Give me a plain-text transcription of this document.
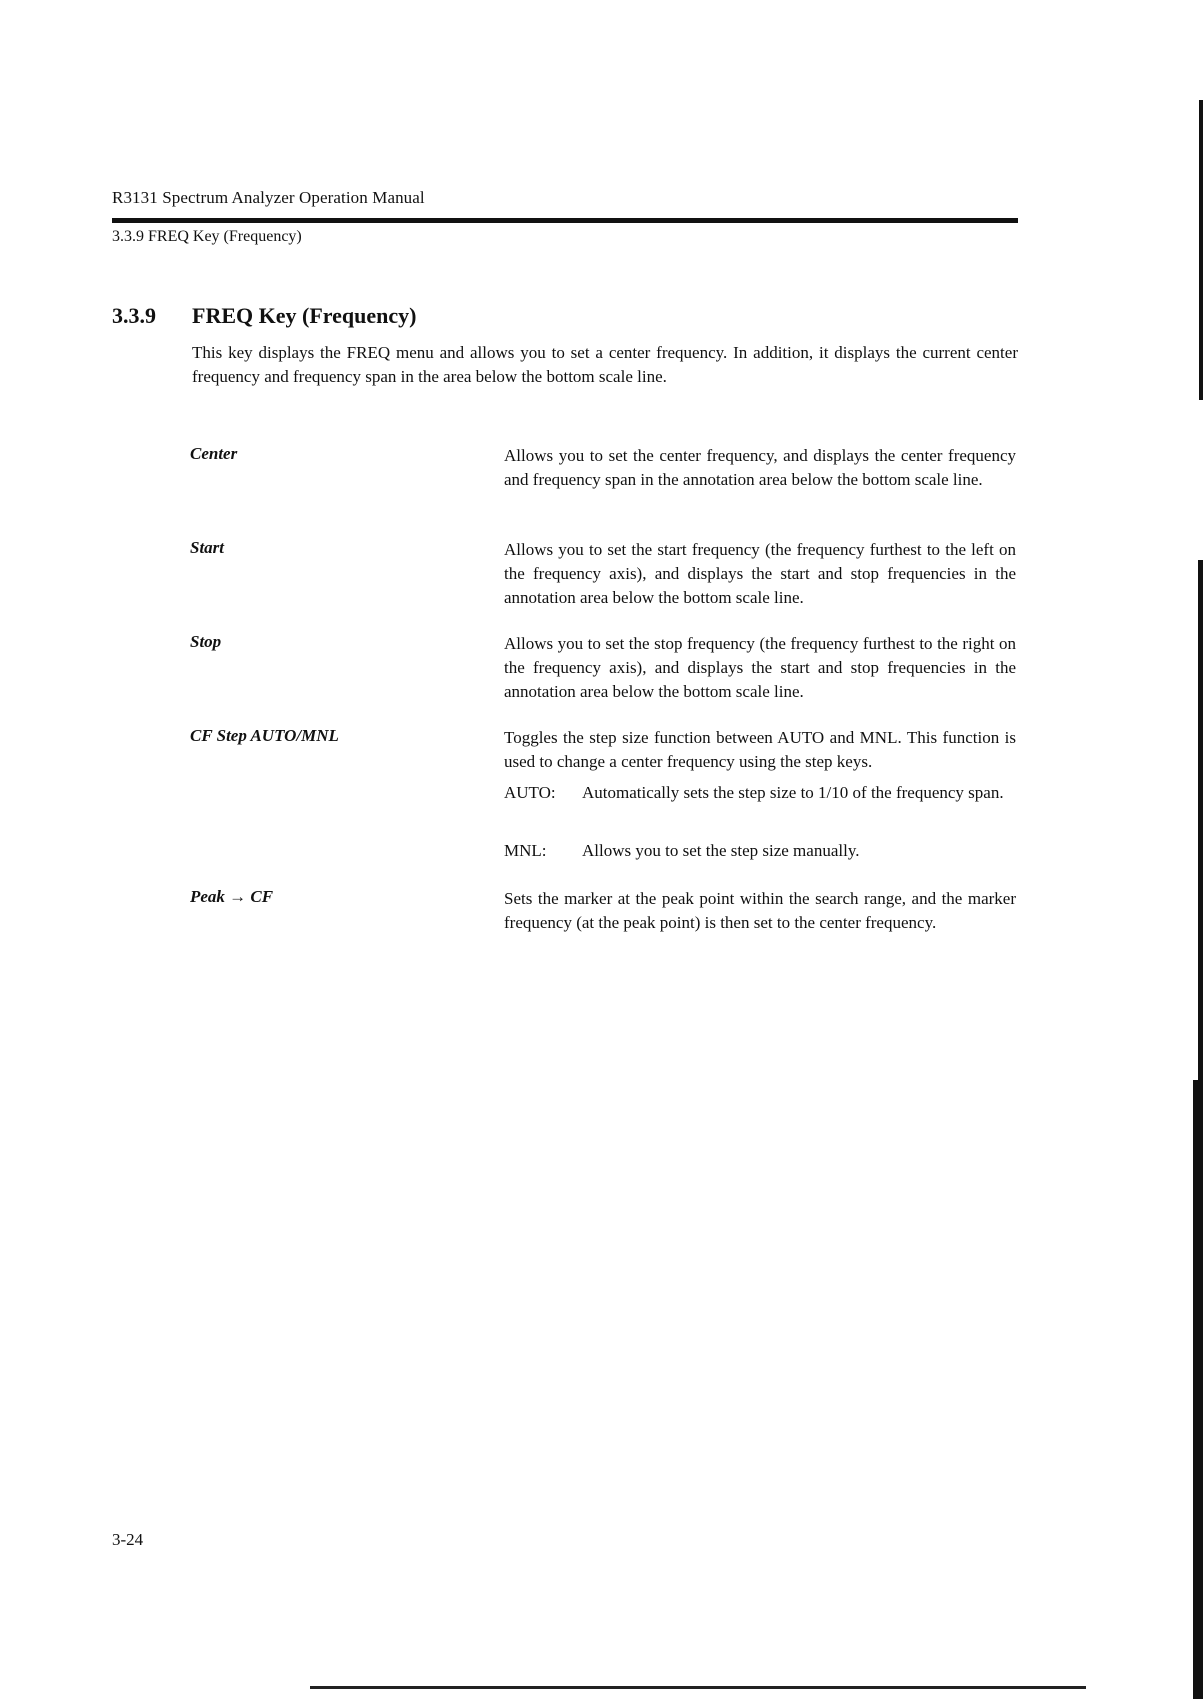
R3131 Spectrum Analyzer Operation Manual
3.3.9 FREQ Key (Frequency)
3.3.9 FREQ Key (Frequency)

This key displays the FREQ menu and allows you to set a center frequency. In addition, it displays the current center frequency and frequency span in the area below the bottom scale line.

Center	Allows you to set the center frequency, and displays the center frequency and frequency span in the annotation area below the bottom scale line.

Start	Allows you to set the start frequency (the frequency furthest to the left on the frequency axis), and displays the start and stop frequencies in the annotation area below the bottom scale line.

Stop	Allows you to set the stop frequency (the frequency furthest to the right on the frequency axis), and displays the start and stop frequencies in the annotation area below the bottom scale line.

CF Step AUTO/MNL	Toggles the step size function between AUTO and MNL. This function is used to change a center frequency using the step keys.

AUTO: Automatically sets the step size to 1/10 of the frequency span.
MNL: Allows you to set the step size manually.
Peak → CF	Sets the marker at the peak point within the search range, and the marker frequency (at the peak point) is then set to the center frequency.

3-24
